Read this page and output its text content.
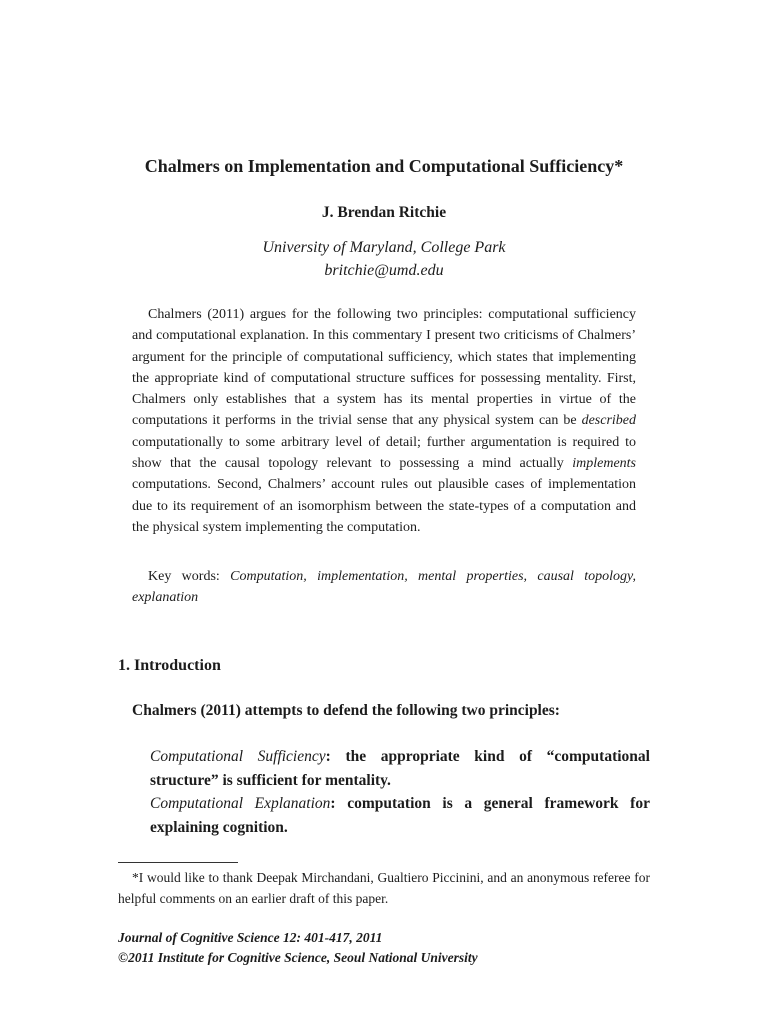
Chalmers on Implementation and Computational Sufficiency*
J. Brendan Ritchie
University of Maryland, College Park
britchie@umd.edu

Chalmers (2011) argues for the following two principles: computational sufficiency and computational explanation. In this commentary I present two criticisms of Chalmers’ argument for the principle of computational sufficiency, which states that implementing the appropriate kind of computational structure suffices for possessing mentality. First, Chalmers only establishes that a system has its mental properties in virtue of the computations it performs in the trivial sense that any physical system can be described computationally to some arbitrary level of detail; further argumentation is required to show that the causal topology relevant to possessing a mind actually implements computations. Second, Chalmers’ account rules out plausible cases of implementation due to its requirement of an isomorphism between the state-types of a computation and the physical system implementing the computation.

Key words: Computation, implementation, mental properties, causal topology, explanation

1. Introduction

Chalmers (2011) attempts to defend the following two principles:

Computational Sufficiency: the appropriate kind of “computational structure” is sufficient for mentality.
Computational Explanation: computation is a general framework for explaining cognition.

*I would like to thank Deepak Mirchandani, Gualtiero Piccinini, and an anonymous referee for helpful comments on an earlier draft of this paper.

Journal of Cognitive Science 12: 401-417, 2011
©2011 Institute for Cognitive Science, Seoul National University
